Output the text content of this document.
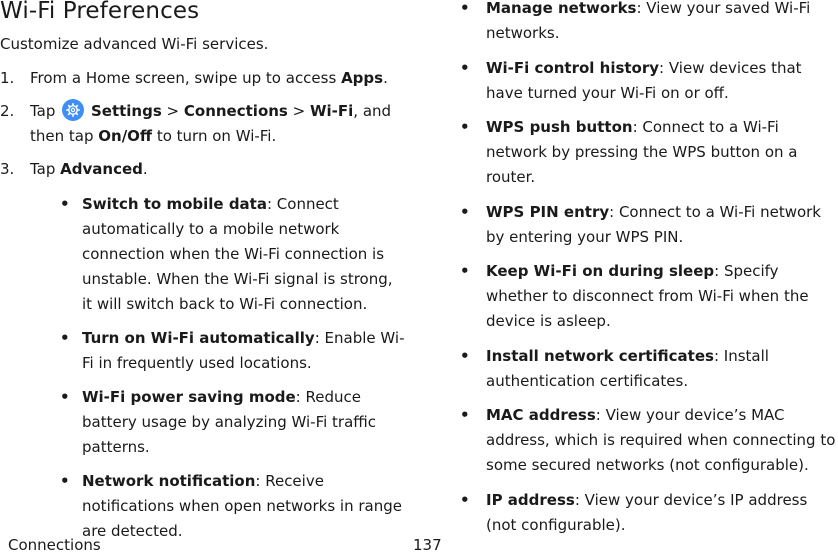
Wi-Fi Preferences
Customize advanced Wi-Fi services.
1. From a Home screen, swipe up to access Apps.
2. Tap Settings > Connections > Wi-Fi, and then tap On/Off to turn on Wi-Fi.
3. Tap Advanced.
• Switch to mobile data: Connect automatically to a mobile network connection when the Wi-Fi connection is unstable. When the Wi-Fi signal is strong, it will switch back to Wi-Fi connection.
• Turn on Wi-Fi automatically: Enable Wi-Fi in frequently used locations.
• Wi-Fi power saving mode: Reduce battery usage by analyzing Wi-Fi traffic patterns.
• Network notification: Receive notifications when open networks in range are detected.
• Manage networks: View your saved Wi-Fi networks.
• Wi-Fi control history: View devices that have turned your Wi-Fi on or off.
• WPS push button: Connect to a Wi-Fi network by pressing the WPS button on a router.
• WPS PIN entry: Connect to a Wi-Fi network by entering your WPS PIN.
• Keep Wi-Fi on during sleep: Specify whether to disconnect from Wi-Fi when the device is asleep.
• Install network certificates: Install authentication certificates.
• MAC address: View your device’s MAC address, which is required when connecting to some secured networks (not configurable).
• IP address: View your device’s IP address (not configurable).
Connections	137
